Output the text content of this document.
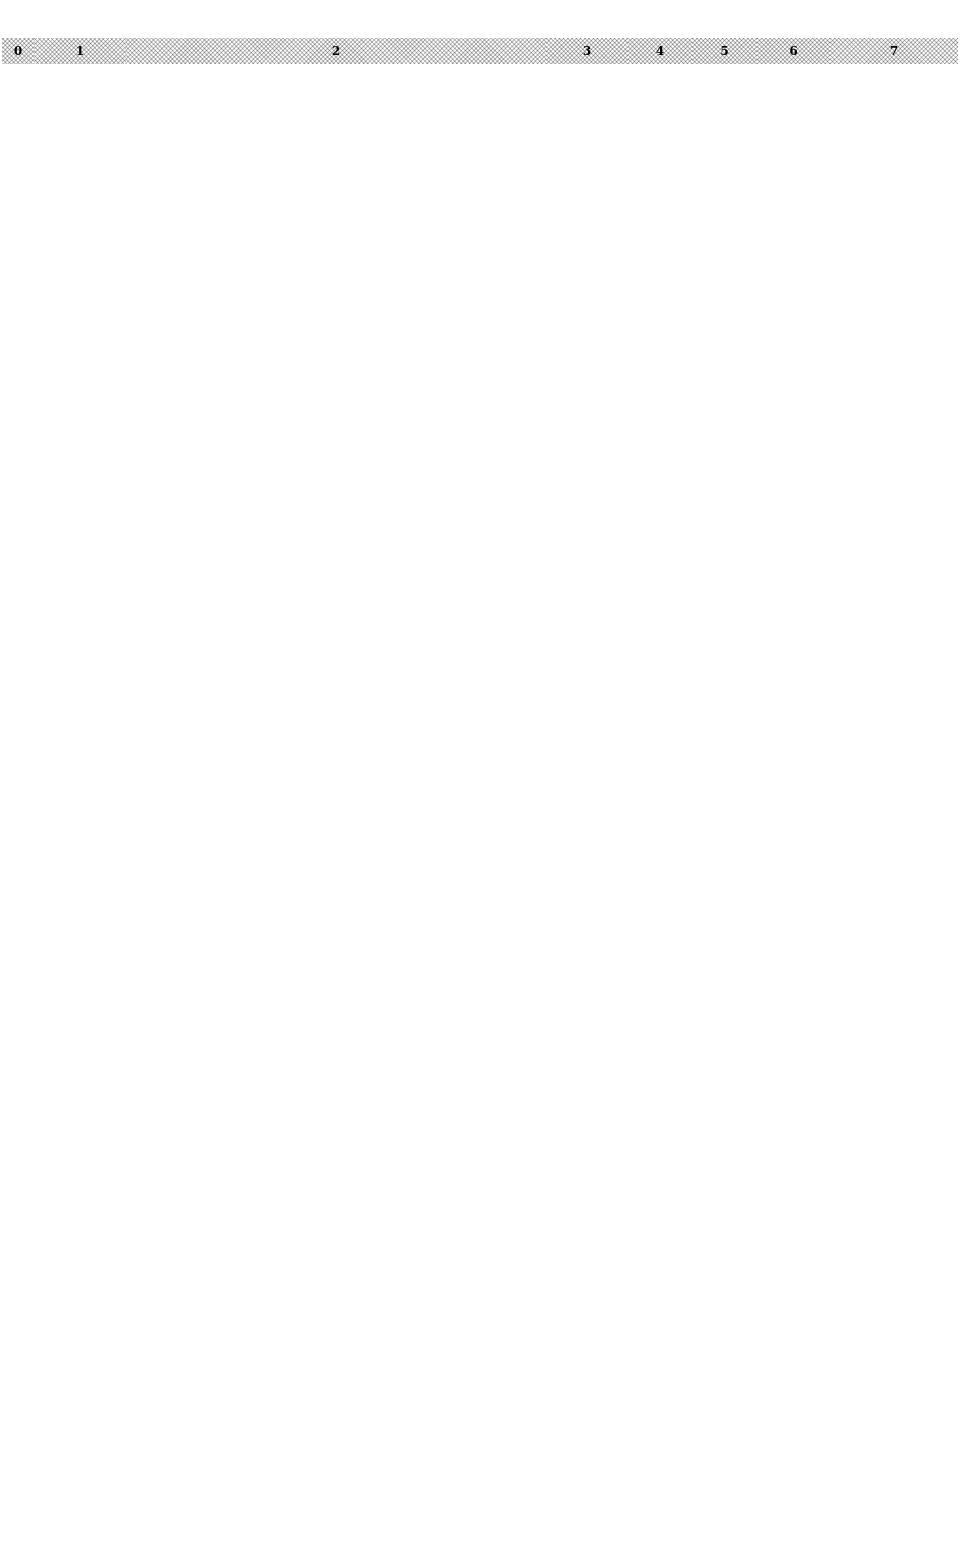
0	1	2	3	4	5	6	7
